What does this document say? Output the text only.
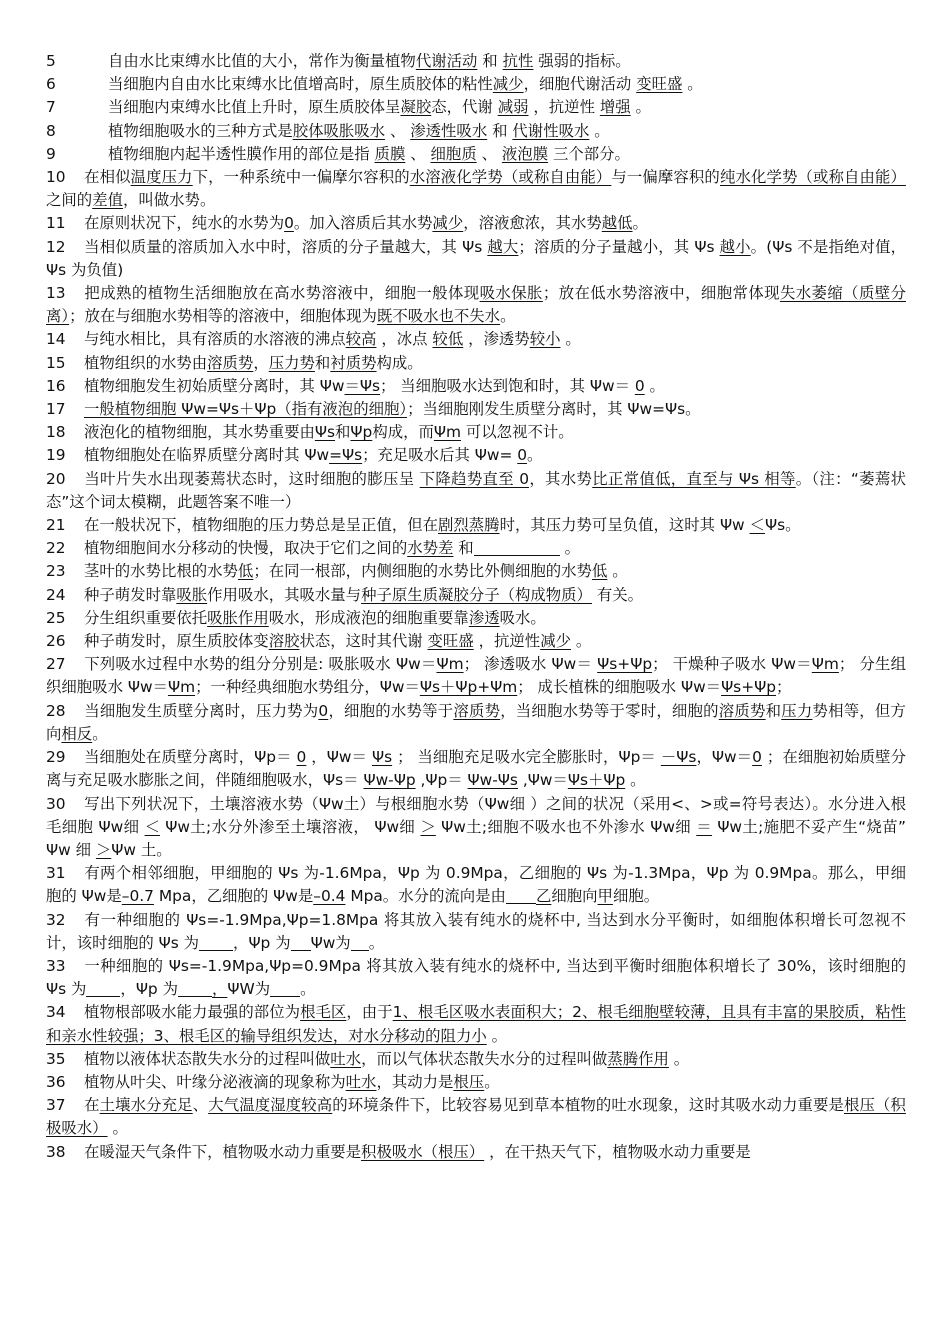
5	自由水比束缚水比值的大小，常作为衡量植物代谢活动 和 抗性 强弱的指标。

6	当细胞内自由水比束缚水比值增高时，原生质胶体的粘性减少，细胞代谢活动 变旺盛 。

7	当细胞内束缚水比值上升时，原生质胶体呈凝胶态，代谢 减弱 ，抗逆性 增强 。

8	植物细胞吸水的三种方式是胶体吸胀吸水 、 渗透性吸水 和 代谢性吸水 。

9	植物细胞内起半透性膜作用的部位是指 质膜 、 细胞质 、 液泡膜 三个部分。

10 在相似温度压力下，一种系统中一偏摩尔容积的水溶液化学势（或称自由能）与一偏摩容积的纯水化学势（或称自由能）之间的差值，叫做水势。

11 在原则状况下，纯水的水势为0。加入溶质后其水势减少，溶液愈浓，其水势越低。

12 当相似质量的溶质加入水中时，溶质的分子量越大，其 Ψs 越大；溶质的分子量越小，其 Ψs 越小。(Ψs 不是指绝对值，Ψs 为负值)

13 把成熟的植物生活细胞放在高水势溶液中，细胞一般体现吸水保胀；放在低水势溶液中，细胞常体现失水萎缩（质壁分离）；放在与细胞水势相等的溶液中，细胞体现为既不吸水也不失水。

14 与纯水相比，具有溶质的水溶液的沸点较高 ，冰点 较低 ，渗透势较小 。

15 植物组织的水势由溶质势，压力势和衬质势构成。

16 植物细胞发生初始质壁分离时，其 Ψw＝Ψs； 当细胞吸水达到饱和时，其 Ψw＝ 0 。

17 一般植物细胞 Ψw=Ψs＋Ψp（指有液泡的细胞）；当细胞刚发生质壁分离时，其 Ψw=Ψs。

18 液泡化的植物细胞，其水势重要由Ψs和Ψp构成，而Ψm 可以忽视不计。

19 植物细胞处在临界质壁分离时其 Ψw=Ψs；充足吸水后其 Ψw= 0。

20 当叶片失水出现萎蔫状态时，这时细胞的膨压呈 下降趋势直至 0，其水势比正常值低，直至与 Ψs 相等。（注：“萎蔫状态”这个词太模糊，此题答案不唯一）

21 在一般状况下，植物细胞的压力势总是呈正值，但在剧烈蒸腾时，其压力势可呈负值，这时其 Ψw ＜Ψs。

22 植物细胞间水分移动的快慢，取决于它们之间的水势差 和	。

23 茎叶的水势比根的水势低；在同一根部，内侧细胞的水势比外侧细胞的水势低 。

24 种子萌发时靠吸胀作用吸水，其吸水量与种子原生质凝胶分子（构成物质） 有关。

25 分生组织重要依托吸胀作用吸水，形成液泡的细胞重要靠渗透吸水。

26 种子萌发时，原生质胶体变溶胶状态，这时其代谢 变旺盛 ，抗逆性减少 。

27 下列吸水过程中水势的组分分别是: 吸胀吸水 Ψw＝Ψm； 渗透吸水 Ψw＝ Ψs+Ψp； 干燥种子吸水 Ψw＝Ψm； 分生组织细胞吸水 Ψw＝Ψm；一种经典细胞水势组分，Ψw＝Ψs＋Ψp+Ψm； 成长植株的细胞吸水 Ψw＝Ψs+Ψp；

28 当细胞发生质壁分离时，压力势为0，细胞的水势等于溶质势，当细胞水势等于零时，细胞的溶质势和压力势相等，但方向相反。

29 当细胞处在质壁分离时，Ψp＝ 0 ，Ψw＝ Ψs ； 当细胞充足吸水完全膨胀时，Ψp＝ －Ψs，Ψw＝0 ；在细胞初始质壁分离与充足吸水膨胀之间，伴随细胞吸水，Ψs＝ Ψw-Ψp ,Ψp＝ Ψw-Ψs ,Ψw＝Ψs＋Ψp 。

30 写出下列状况下，土壤溶液水势（Ψw土）与根细胞水势（Ψw细 ）之间的状况（采用<、>或=符号表达）。水分进入根毛细胞 Ψw细 ＜ Ψw土;水分外渗至土壤溶液， Ψw细 ＞ Ψw土;细胞不吸水也不外渗水 Ψw细 ＝ Ψw土;施肥不妥产生“烧苗” Ψw 细 ＞Ψw 土。

31 有两个相邻细胞，甲细胞的 Ψs 为-1.6Mpa，Ψp 为 0.9Mpa，乙细胞的 Ψs 为-1.3Mpa，Ψp 为 0.9Mpa。那么，甲细胞的 Ψw是–0.7 Mpa，乙细胞的 Ψw是–0.4 Mpa。水分的流向是由 乙细胞向甲细胞。

32 有一种细胞的 Ψs=-1.9Mpa,Ψp=1.8Mpa 将其放入装有纯水的烧杯中, 当达到水分平衡时，如细胞体积增长可忽视不计，该时细胞的 Ψs 为 ，Ψp 为 Ψw为 。

33 一种细胞的 Ψs=-1.9Mpa,Ψp=0.9Mpa 将其放入装有纯水的烧杯中, 当达到平衡时细胞体积增长了 30%，该时细胞的 Ψs 为 ，Ψp 为 ，ΨW为 。

34 植物根部吸水能力最强的部位为根毛区，由于1、根毛区吸水表面积大；2、根毛细胞壁较薄，且具有丰富的果胶质，粘性和亲水性较强；3、根毛区的输导组织发达，对水分移动的阻力小 。

35 植物以液体状态散失水分的过程叫做吐水，而以气体状态散失水分的过程叫做蒸腾作用 。

36 植物从叶尖、叶缘分泌液滴的现象称为吐水，其动力是根压。

37 在土壤水分充足、大气温度湿度较高的环境条件下，比较容易见到草本植物的吐水现象，这时其吸水动力重要是根压（积极吸水） 。

38 在暖湿天气条件下，植物吸水动力重要是积极吸水（根压） ，在干热天气下，植物吸水动力重要是
